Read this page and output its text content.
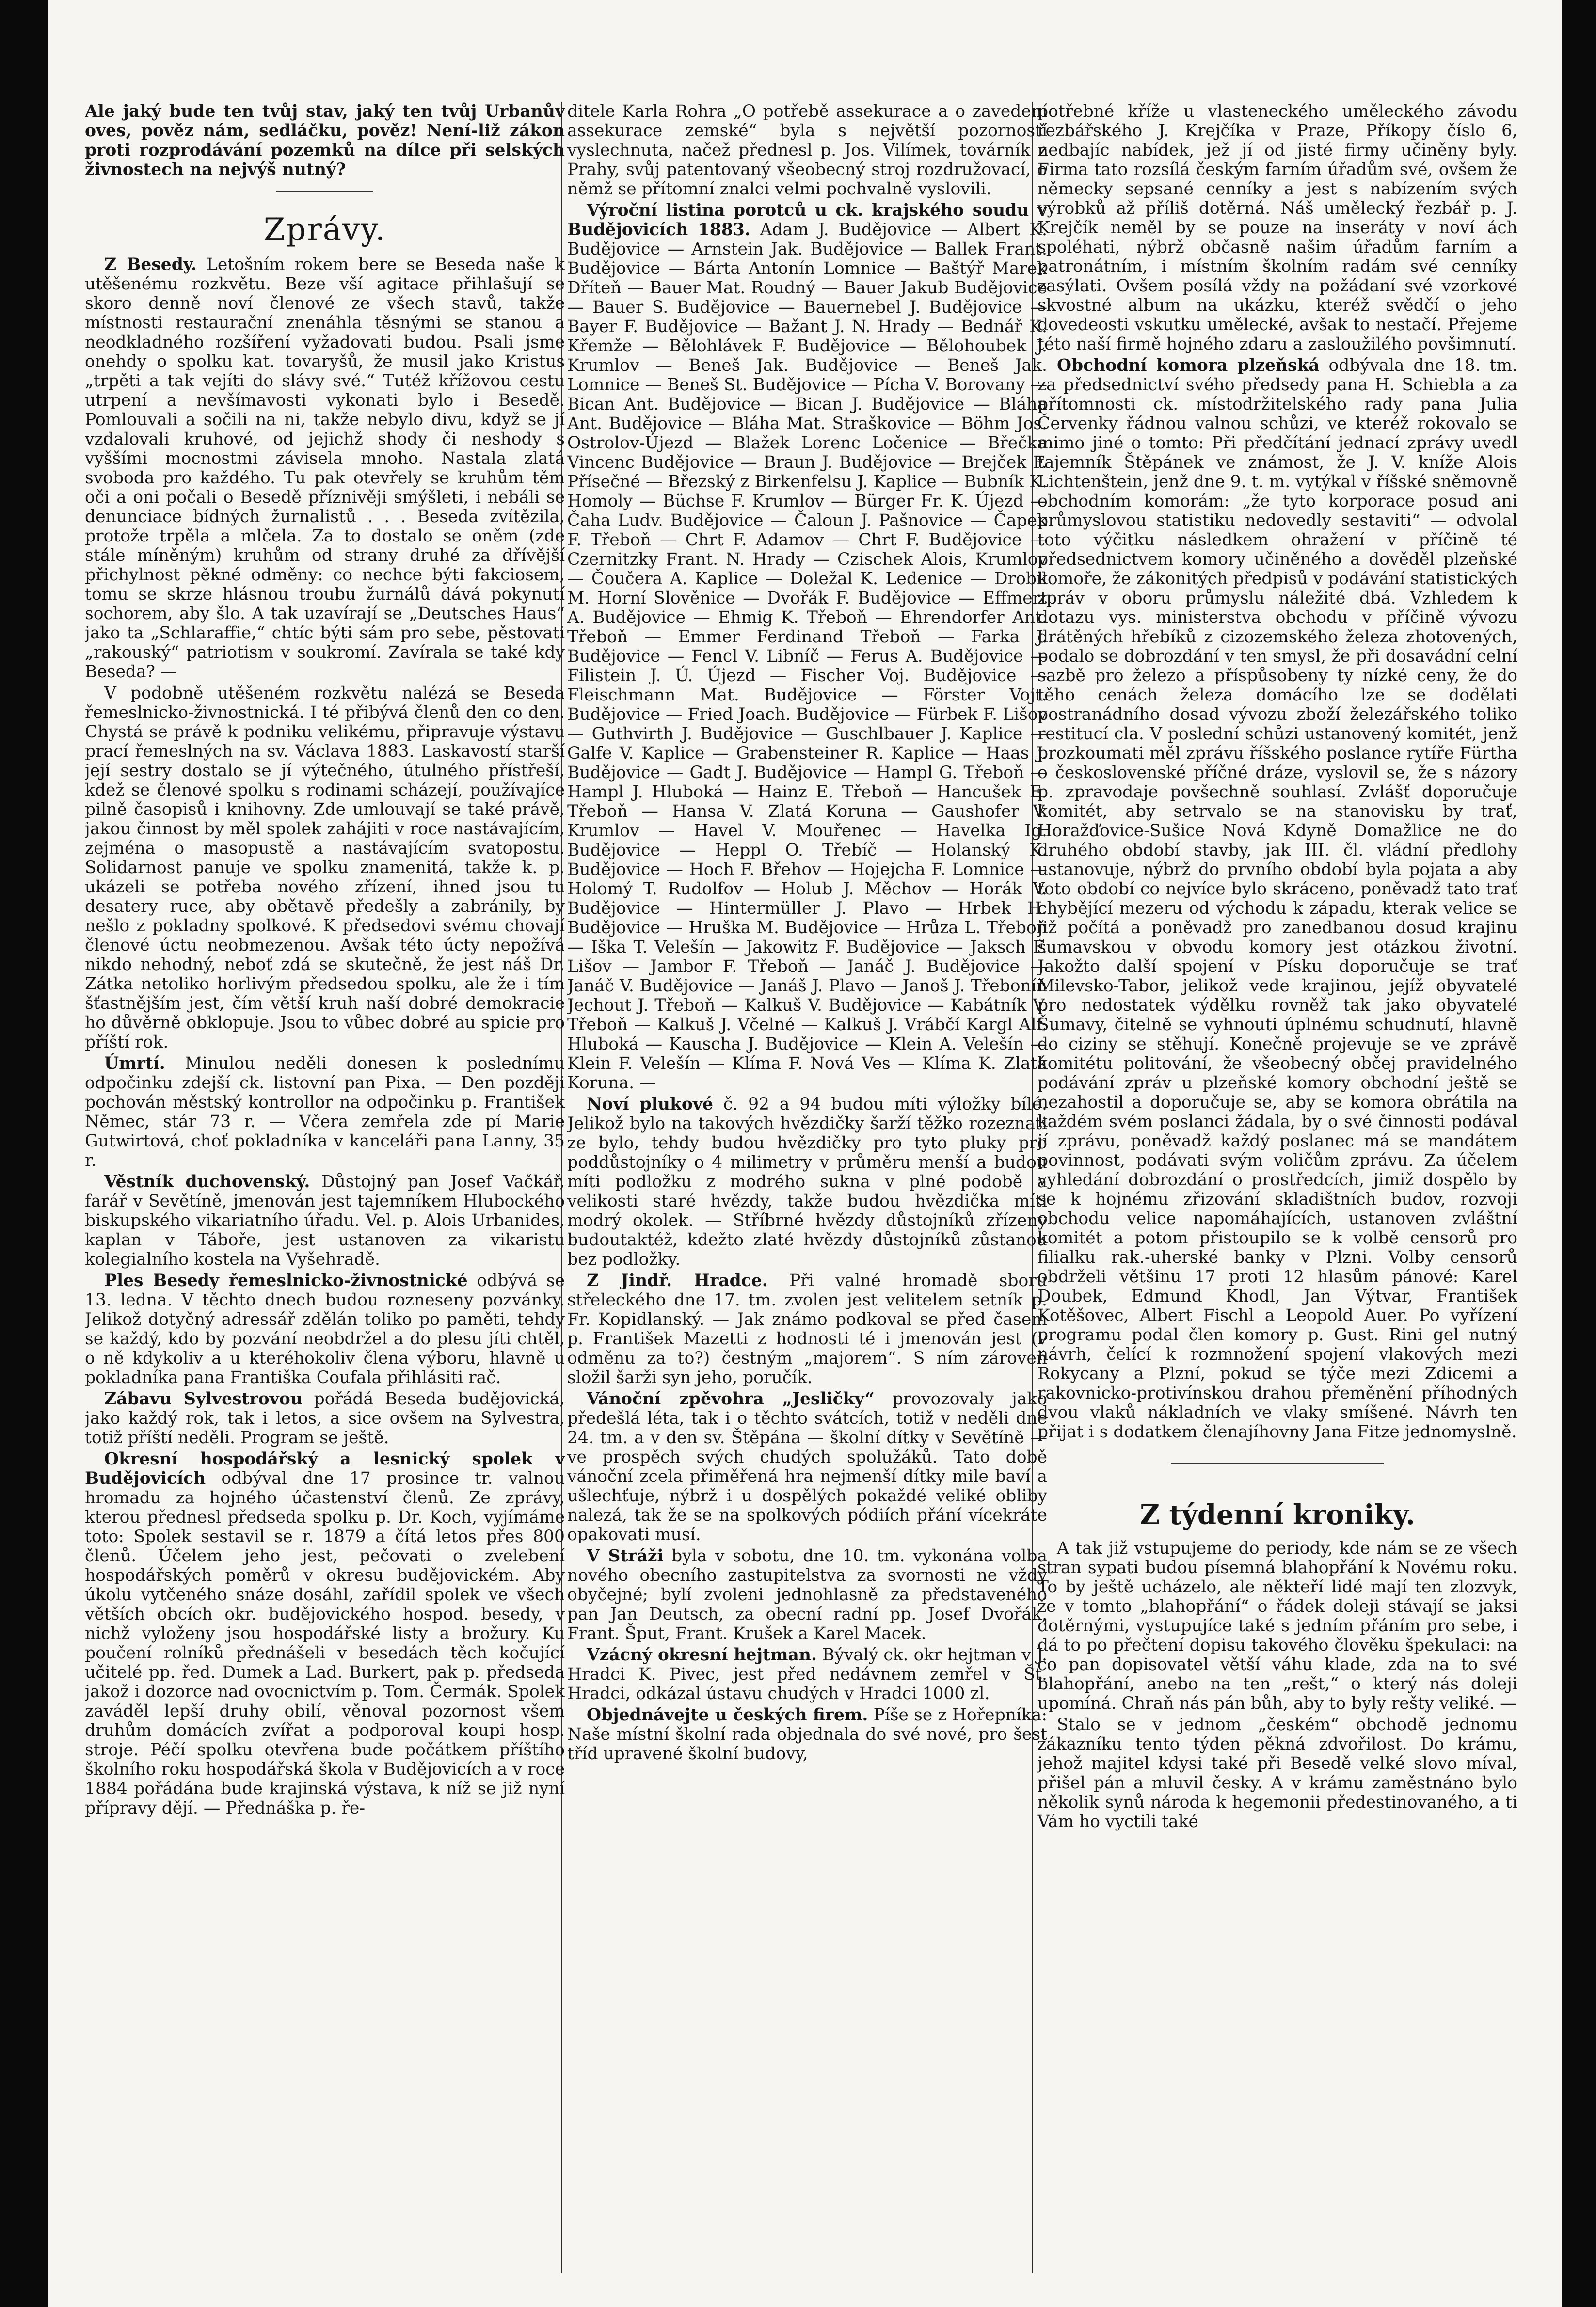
Ale jaký bude ten tvůj stav, jaký ten tvůj Urbanův oves, pověz nám, sedláčku, pověz! Není-liž zákon proti rozprodávání pozemků na dílce při selských živnostech na nejvýš nutný?

Zprávy.

Z Besedy. Letošním rokem bere se Beseda naše k utěšenému rozkvětu. Beze vší agitace přihlašují se skoro denně noví členové ze všech stavů, takže místnosti restaurační znenáhla těsnými se stanou a neodkladného rozšíření vyžadovati budou. Psali jsme onehdy o spolku kat. tovaryšů, že musil jako Kristus „trpěti a tak vejíti do slávy své.“ Tutéž křížovou cestu utrpení a nevšímavosti vykonati bylo i Besedě. Pomlouvali a sočili na ni, takže nebylo divu, když se jí vzdalovali kruhové, od jejichž shody či neshody s vyššími mocnostmi závisela mnoho. Nastala zlatá svoboda pro každého. Tu pak otevřely se kruhům těm oči a oni počali o Besedě příznivěji smýšleti, i nebáli se denunciace bídných žurnalistů . . . Beseda zvítězila, protože trpěla a mlčela. Za to dostalo se oněm (zde stále míněným) kruhům od strany druhé za dřívější přichylnost pěkné odměny: co nechce býti fakciosem, tomu se skrze hlásnou troubu žurnálů dává pokynutí sochorem, aby šlo. A tak uzavírají se „Deutsches Haus“ jako ta „Schlaraffie,“ chtíc býti sám pro sebe, pěstovati „rakouský“ patriotism v soukromí. Zavírala se také kdy Beseda? —

V podobně utěšeném rozkvětu nalézá se Beseda řemeslnicko-živnostnická. I té přibývá členů den co den. Chystá se právě k podniku velikému, připravuje výstavu prací řemeslných na sv. Václava 1883. Laskavostí starší její sestry dostalo se jí výtečného, útulného přístřeší, kdež se členové spolku s rodinami scházejí, používajíce pilně časopisů i knihovny. Zde umlouvají se také právě, jakou činnost by měl spolek zahájiti v roce nastávajícím, zejména o masopustě a nastávajícím svatopostu. Solidarnost panuje ve spolku znamenitá, takže k. p. ukázeli se potřeba nového zřízení, ihned jsou tu desatery ruce, aby obětavě předešly a zabránily, by nešlo z pokladny spolkové. K předsedovi svému chovají členové úctu neobmezenou. Avšak této úcty nepožívá nikdo nehodný, neboť zdá se skutečně, že jest náš Dr. Zátka netoliko horlivým předsedou spolku, ale že i tím šťastnějším jest, čím větší kruh naší dobré demokracie ho důvěrně obklopuje. Jsou to vůbec dobré au spicie pro příští rok.

Úmrtí. Minulou neděli donesen k poslednímu odpočinku zdejší ck. listovní pan Pixa. — Den později pochován městský kontrollor na odpočinku p. František Němec, stár 73 r. — Včera zemřela zde pí Marie Gutwirtová, choť pokladníka v kanceláři pana Lanny, 35 r.

Věstník duchovenský. Důstojný pan Josef Vačkář, farář v Sevětíně, jmenován jest tajemníkem Hlubockého biskupského vikariatního úřadu. Vel. p. Alois Urbanides, kaplan v Táboře, jest ustanoven za vikaristu kolegialního kostela na Vyšehradě.

Ples Besedy řemeslnicko-živnostnické odbývá se 13. ledna. V těchto dnech budou rozneseny pozvánky. Jelikož dotyčný adressář zdělán toliko po paměti, tehdy se každý, kdo by pozvání neobdržel a do plesu jíti chtěl, o ně kdykoliv a u kteréhokoliv člena výboru, hlavně u pokladníka pana Františka Coufala přihlásiti rač.

Zábavu Sylvestrovou pořádá Beseda budějovická, jako každý rok, tak i letos, a sice ovšem na Sylvestra, totiž příští neděli. Program se ještě.

Okresní hospodářský a lesnický spolek v Budějovicích odbýval dne 17 prosince tr. valnou hromadu za hojného účastenství členů. Ze zprávy, kterou přednesl předseda spolku p. Dr. Koch, vyjímáme toto: Spolek sestavil se r. 1879 a čítá letos přes 800 členů. Účelem jeho jest, pečovati o zvelebení hospodářských poměrů v okresu budějovickém. Aby úkolu vytčeného snáze dosáhl, zařídil spolek ve všech větších obcích okr. budějovického hospod. besedy, v nichž vyloženy jsou hospodářské listy a brožury. Ku poučení rolníků přednášeli v besedách těch kočující učitelé pp. řed. Dumek a Lad. Burkert, pak p. předseda jakož i dozorce nad ovocnictvím p. Tom. Čermák. Spolek zaváděl lepší druhy obilí, věnoval pozornost všem druhům domácích zvířat a podporoval koupi hosp. stroje. Péčí spolku otevřena bude počátkem příštího školního roku hospodářská škola v Budějovicích a v roce 1884 pořádána bude krajinská výstava, k níž se již nyní přípravy dějí. — Přednáška p. ře-

ditele Karla Rohra „O potřebě assekurace a o zavedení assekurace zemské“ byla s největší pozorností vyslechnuta, načež přednesl p. Jos. Vilímek, továrník z Prahy, svůj patentovaný všeobecný stroj rozdružovací, o němž se přítomní znalci velmi pochvalně vyslovili.

Výroční listina porotců u ck. krajského soudu v Budějovicích 1883. Adam J. Budějovice — Albert K. Budějovice — Arnstein Jak. Budějovice — Ballek Frant. Budějovice — Bárta Antonín Lomnice — Baštýř Marek Dříteň — Bauer Mat. Roudný — Bauer Jakub Budějovice — Bauer S. Budějovice — Bauernebel J. Budějovice — Bayer F. Budějovice — Bažant J. N. Hrady — Bednář K. Křemže — Bělohlávek F. Budějovice — Bělohoubek J. Krumlov — Beneš Jak. Budějovice — Beneš Jak. Lomnice — Beneš St. Budějovice — Pícha V. Borovany — Bican Ant. Budějovice — Bican J. Budějovice — Bláha Ant. Budějovice — Bláha Mat. Straškovice — Böhm Jos. Ostrolov-Újezd — Blažek Lorenc Ločenice — Břečka Vincenc Budějovice — Braun J. Budějovice — Brejček F. Přísečné — Březský z Birkenfelsu J. Kaplice — Bubník K. Homoly — Büchse F. Krumlov — Bürger Fr. K. Újezd — Čaha Ludv. Budějovice — Čaloun J. Pašnovice — Čapek F. Třeboň — Chrt F. Adamov — Chrt F. Budějovice — Czernitzky Frant. N. Hrady — Czischek Alois, Krumlov — Čoučera A. Kaplice — Doležal K. Ledenice — Drobil M. Horní Slověnice — Dvořák F. Budějovice — Effmert A. Budějovice — Ehmig K. Třeboň — Ehrendorfer Ant. Třeboň — Emmer Ferdinand Třeboň — Farka J. Budějovice — Fencl V. Libníč — Ferus A. Budějovice — Filistein J. Ú. Újezd — Fischer Voj. Budějovice — Fleischmann Mat. Budějovice — Förster Vojt. Budějovice — Fried Joach. Budějovice — Fürbek F. Lišov — Guthvirth J. Budějovice — Guschlbauer J. Kaplice — Galfe V. Kaplice — Grabensteiner R. Kaplice — Haas J. Budějovice — Gadt J. Budějovice — Hampl G. Třeboň — Hampl J. Hluboká — Hainz E. Třeboň — Hancušek E. Třeboň — Hansa V. Zlatá Koruna — Gaushofer V. Krumlov — Havel V. Mouřenec — Havelka Ig. Budějovice — Heppl O. Třebíč — Holanský K. Budějovice — Hoch F. Břehov — Hojejcha F. Lomnice — Holomý T. Rudolfov — Holub J. Měchov — Horák V. Budějovice — Hintermüller J. Plavo — Hrbek H. Budějovice — Hruška M. Budějovice — Hrůza L. Třeboň — Iška T. Velešín — Jakowitz F. Budějovice — Jaksch F. Lišov — Jambor F. Třeboň — Janáč J. Budějovice — Janáč V. Budějovice — Janáš J. Plavo — Janoš J. Třeboníň Jechout J. Třeboň — Kalkuš V. Budějovice — Kabátník V. Třeboň — Kalkuš J. Včelné — Kalkuš J. Vrábčí Kargl Alf. Hluboká — Kauscha J. Budějovice — Klein A. Velešín — Klein F. Velešín — Klíma F. Nová Ves — Klíma K. Zlatá Koruna. —

Noví plukové č. 92 a 94 budou míti výložky bílé. Jelikož bylo na takových hvězdičky šarží těžko rozeznati ze bylo, tehdy budou hvězdičky pro tyto pluky pro poddůstojníky o 4 milimetry v průměru menší a budou míti podložku z modrého sukna v plné podobě a velikosti staré hvězdy, takže budou hvězdička míti modrý okolek. — Stříbrné hvězdy důstojníků zřízeny budoutaktéž, kdežto zlaté hvězdy důstojníků zůstanou bez podložky.

Z Jindř. Hradce. Při valné hromadě sboru střeleckého dne 17. tm. zvolen jest velitelem setník p. Fr. Kopidlanský. — Jak známo podkoval se před časem p. František Mazetti z hodnosti té i jmenován jest (v odměnu za to?) čestným „majorem“. S ním zároveň složil šarži syn jeho, poručík.

Vánoční zpěvohra „Jesličky“ provozovaly jako předešlá léta, tak i o těchto svátcích, totiž v neděli dne 24. tm. a v den sv. Štěpána — školní dítky v Sevětíně — ve prospěch svých chudých spolužáků. Tato době vánoční zcela přiměřená hra nejmenší dítky mile baví a ušlechťuje, nýbrž i u dospělých pokaždé veliké obliby nalezá, tak že se na spolkových pódiích přání vícekráte opakovati musí.

V Stráži byla v sobotu, dne 10. tm. vykonána volba nového obecního zastupitelstva za svornosti ne vždy obyčejné; bylí zvoleni jednohlasně za představeného pan Jan Deutsch, za obecní radní pp. Josef Dvořák, Frant. Šput, Frant. Krušek a Karel Macek.

Vzácný okresní hejtman. Bývalý ck. okr hejtman v J. Hradci K. Pivec, jest před nedávnem zemřel v Št. Hradci, odkázal ústavu chudých v Hradci 1000 zl.

Objednávejte u českých firem. Píše se z Hořepníka: Naše místní školní rada objednala do své nové, pro šest tříd upravené školní budovy,

potřebné kříže u vlasteneckého uměleckého závodu řezbářského J. Krejčíka v Praze, Příkopy číslo 6, nedbajíc nabídek, jež jí od jisté firmy učiněny byly. Firma tato rozsílá českým farním úřadům své, ovšem že německy sepsané cenníky a jest s nabízením svých výrobků až příliš dotěrná. Náš umělecký řezbář p. J. Krejčík neměl by se pouze na inseráty v noví ách spoléhati, nýbrž občasně našim úřadům farním a patronátním, i místním školním radám své cenníky zasýlati. Ovšem posílá vždy na požádaní své vzorkové skvostné album na ukázku, kteréž svědčí o jeho dovedeosti vskutku umělecké, avšak to nestačí. Přejeme této naší firmě hojného zdaru a zasloužilého povšimnutí.

Obchodní komora plzeňská odbývala dne 18. tm. za předsednictví svého předsedy pana H. Schiebla a za přítomnosti ck. místodržitelského rady pana Julia Červenky řádnou valnou schůzi, ve kteréž rokovalo se mimo jiné o tomto: Při předčítání jednací zprávy uvedl tajemník Štěpánek ve známost, že J. V. kníže Alois Lichtenštein, jenž dne 9. t. m. vytýkal v říšské sněmovně obchodním komorám: „že tyto korporace posud ani průmyslovou statistiku nedovedly sestaviti“ — odvolal toto výčitku následkem ohražení v příčině té předsednictvem komory učiněného a dověděl plzeňské komoře, že zákonitých předpisů v podávání statistických zpráv v oboru průmyslu náležité dbá. Vzhledem k dotazu vys. ministerstva obchodu v příčině vývozu drátěných hřebíků z cizozemského železa zhotovených, podalo se dobrozdání v ten smysl, že při dosavádní celní sazbě pro železo a příspůsobeny ty nízké ceny, že do těho cenách železa domácího lze se dodělati postranádního dosad vývozu zboží železářského toliko restitucí cla. V poslední schůzi ustanovený komitét, jenž prozkoumati měl zprávu říšského poslance rytíře Fürtha o československé příčné dráze, vyslovil se, že s názory p. zpravodaje povšechně souhlasí. Zvlášť doporučuje komitét, aby setrvalo se na stanovisku by trať, Horažďovice-Sušice Nová Kdyně Domažlice ne do druhého období stavby, jak III. čl. vládní předlohy ustanovuje, nýbrž do prvního období byla pojata a aby toto období co nejvíce bylo skráceno, poněvadž tato trať chybějící mezeru od východu k západu, kterak velice se již počítá a poněvadž pro zanedbanou dosud krajinu šumavskou v obvodu komory jest otázkou životní. Jakožto další spojení v Písku doporučuje se trať Milevsko-Tabor, jelikož vede krajinou, jejíž obyvatelé pro nedostatek výdělku rovněž tak jako obyvatelé Šumavy, čitelně se vyhnouti úplnému schudnutí, hlavně do ciziny se stěhují. Konečně projevuje se ve zprávě komitétu politování, že všeobecný občej pravidelného podávání zpráv u plzeňské komory obchodní ještě se nezahostil a doporučuje se, aby se komora obrátila na každém svém poslanci žádala, by o své činnosti podával jí zprávu, poněvadž každý poslanec má se mandátem povinnost, podávati svým voličům zprávu. Za účelem vyhledání dobrozdání o prostředcích, jimiž dospělo by se k hojnému zřizování skladištních budov, rozvoji obchodu velice napomáhajících, ustanoven zvláštní komitét a potom přistoupilo se k volbě censorů pro filialku rak.-uherské banky v Plzni. Volby censorů obdrželi většinu 17 proti 12 hlasům pánové: Karel Doubek, Edmund Khodl, Jan Výtvar, František Kotěšovec, Albert Fischl a Leopold Auer. Po vyřízení programu podal člen komory p. Gust. Rini gel nutný návrh, čelící k rozmnožení spojení vlakových mezi Rokycany a Plzní, pokud se týče mezi Zdicemi a rakovnicko-protivínskou drahou přeměnění příhodných dvou vlaků nákladních ve vlaky smíšené. Návrh ten přijat i s dodatkem členajíhovny Jana Fitze jednomyslně.

Z týdenní kroniky.

A tak již vstupujeme do periody, kde nám se ze všech stran sypati budou písemná blahopřání k Novému roku. To by ještě ucházelo, ale někteří lidé mají ten zlozvyk, že v tomto „blahopřání“ o řádek doleji stávají se jaksi dotěrnými, vystupujíce také s jedním přáním pro sebe, i dá to po přečtení dopisu takového člověku špekulaci: na co pan dopisovatel větší váhu klade, zda na to své blahopřání, anebo na ten „rešt,“ o který nás doleji upomíná. Chraň nás pán bůh, aby to byly rešty veliké. —

Stalo se v jednom „českém“ obchodě jednomu zákazníku tento týden pěkná zdvořilost. Do krámu, jehož majitel kdysi také při Besedě velké slovo míval, přišel pán a mluvil česky. A v krámu zaměstnáno bylo několik synů národa k hegemonii předestinovaného, a ti Vám ho vyctili také
